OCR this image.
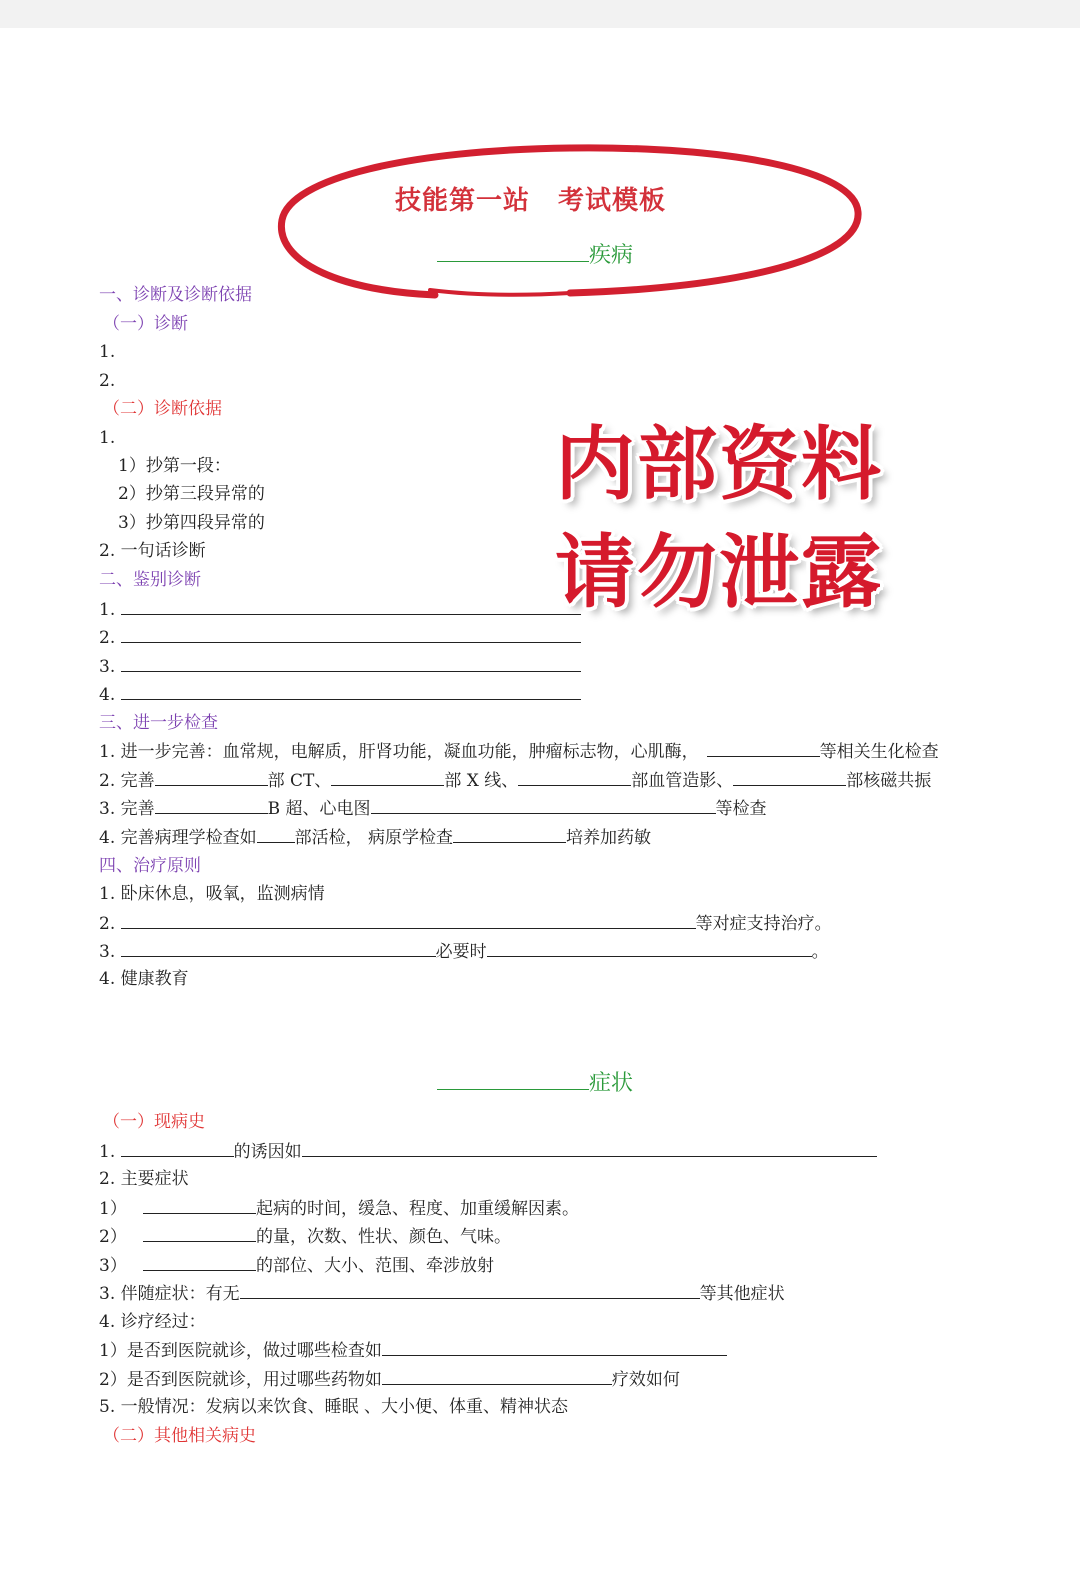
技能第一站 考试模板
疾病
一、诊断及诊断依据
（一）诊断
1.
2.
（二）诊断依据
1.
1）抄第一段：
2）抄第三段异常的
3）抄第四段异常的
2. 一句话诊断
二、鉴别诊断
1.
2.
3.
4.
三、进一步检查
1. 进一步完善：血常规，电解质，肝肾功能，凝血功能，肿瘤标志物，心肌酶，	等相关生化检查
2. 完善	部 CT、	部 X 线、	部血管造影、	部核磁共振
3. 完善	B 超、心电图	等检查
4. 完善病理学检查如 部活检， 病原学检查	培养加药敏
四、治疗原则
1. 卧床休息，吸氧，监测病情
2.	等对症支持治疗。
3.	必要时	。
4. 健康教育
症状
（一）现病史
1.	的诱因如
2. 主要症状
1）	起病的时间，缓急、程度、加重缓解因素。
2）	的量，次数、性状、颜色、气味。
3）	的部位、大小、范围、牵涉放射
3. 伴随症状：有无	等其他症状
4. 诊疗经过：
1）是否到医院就诊，做过哪些检查如
2）是否到医院就诊，用过哪些药物如	疗效如何
5. 一般情况：发病以来饮食、睡眠 、大小便、体重、精神状态
（二）其他相关病史
内部资料
请勿泄露
